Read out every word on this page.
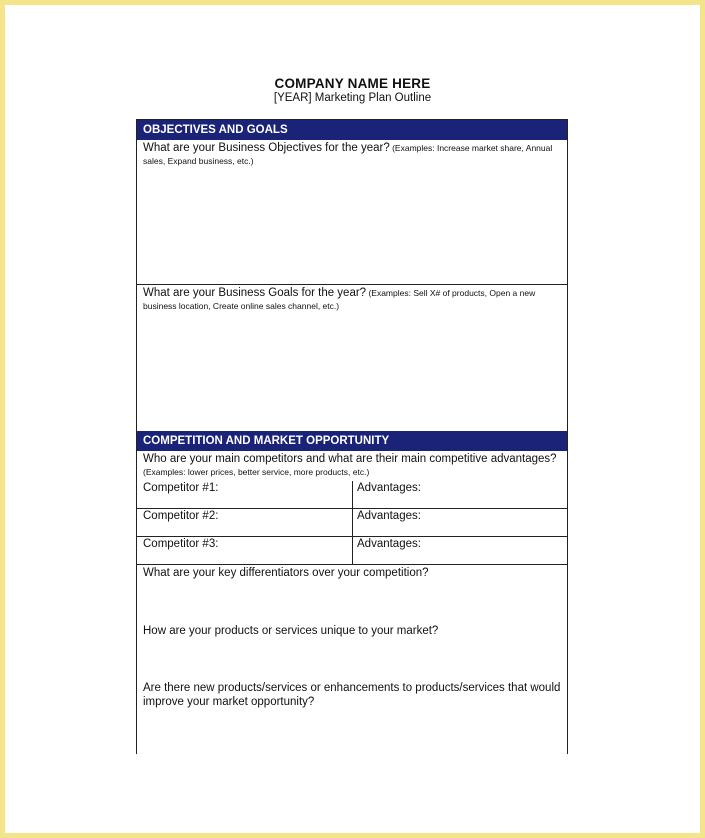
COMPANY NAME HERE
[YEAR] Marketing Plan Outline
OBJECTIVES AND GOALS
What are your Business Objectives for the year? (Examples: Increase market share, Annual sales, Expand business, etc.)
What are your Business Goals for the year? (Examples: Sell X# of products, Open a new business location, Create online sales channel, etc.)
COMPETITION AND MARKET OPPORTUNITY
Who are your main competitors and what are their main competitive advantages? (Examples: lower prices, better service, more products, etc.)
Competitor #1:	Advantages:
Competitor #2:	Advantages:
Competitor #3:	Advantages:
What are your key differentiators over your competition?
How are your products or services unique to your market?
Are there new products/services or enhancements to products/services that would improve your market opportunity?
